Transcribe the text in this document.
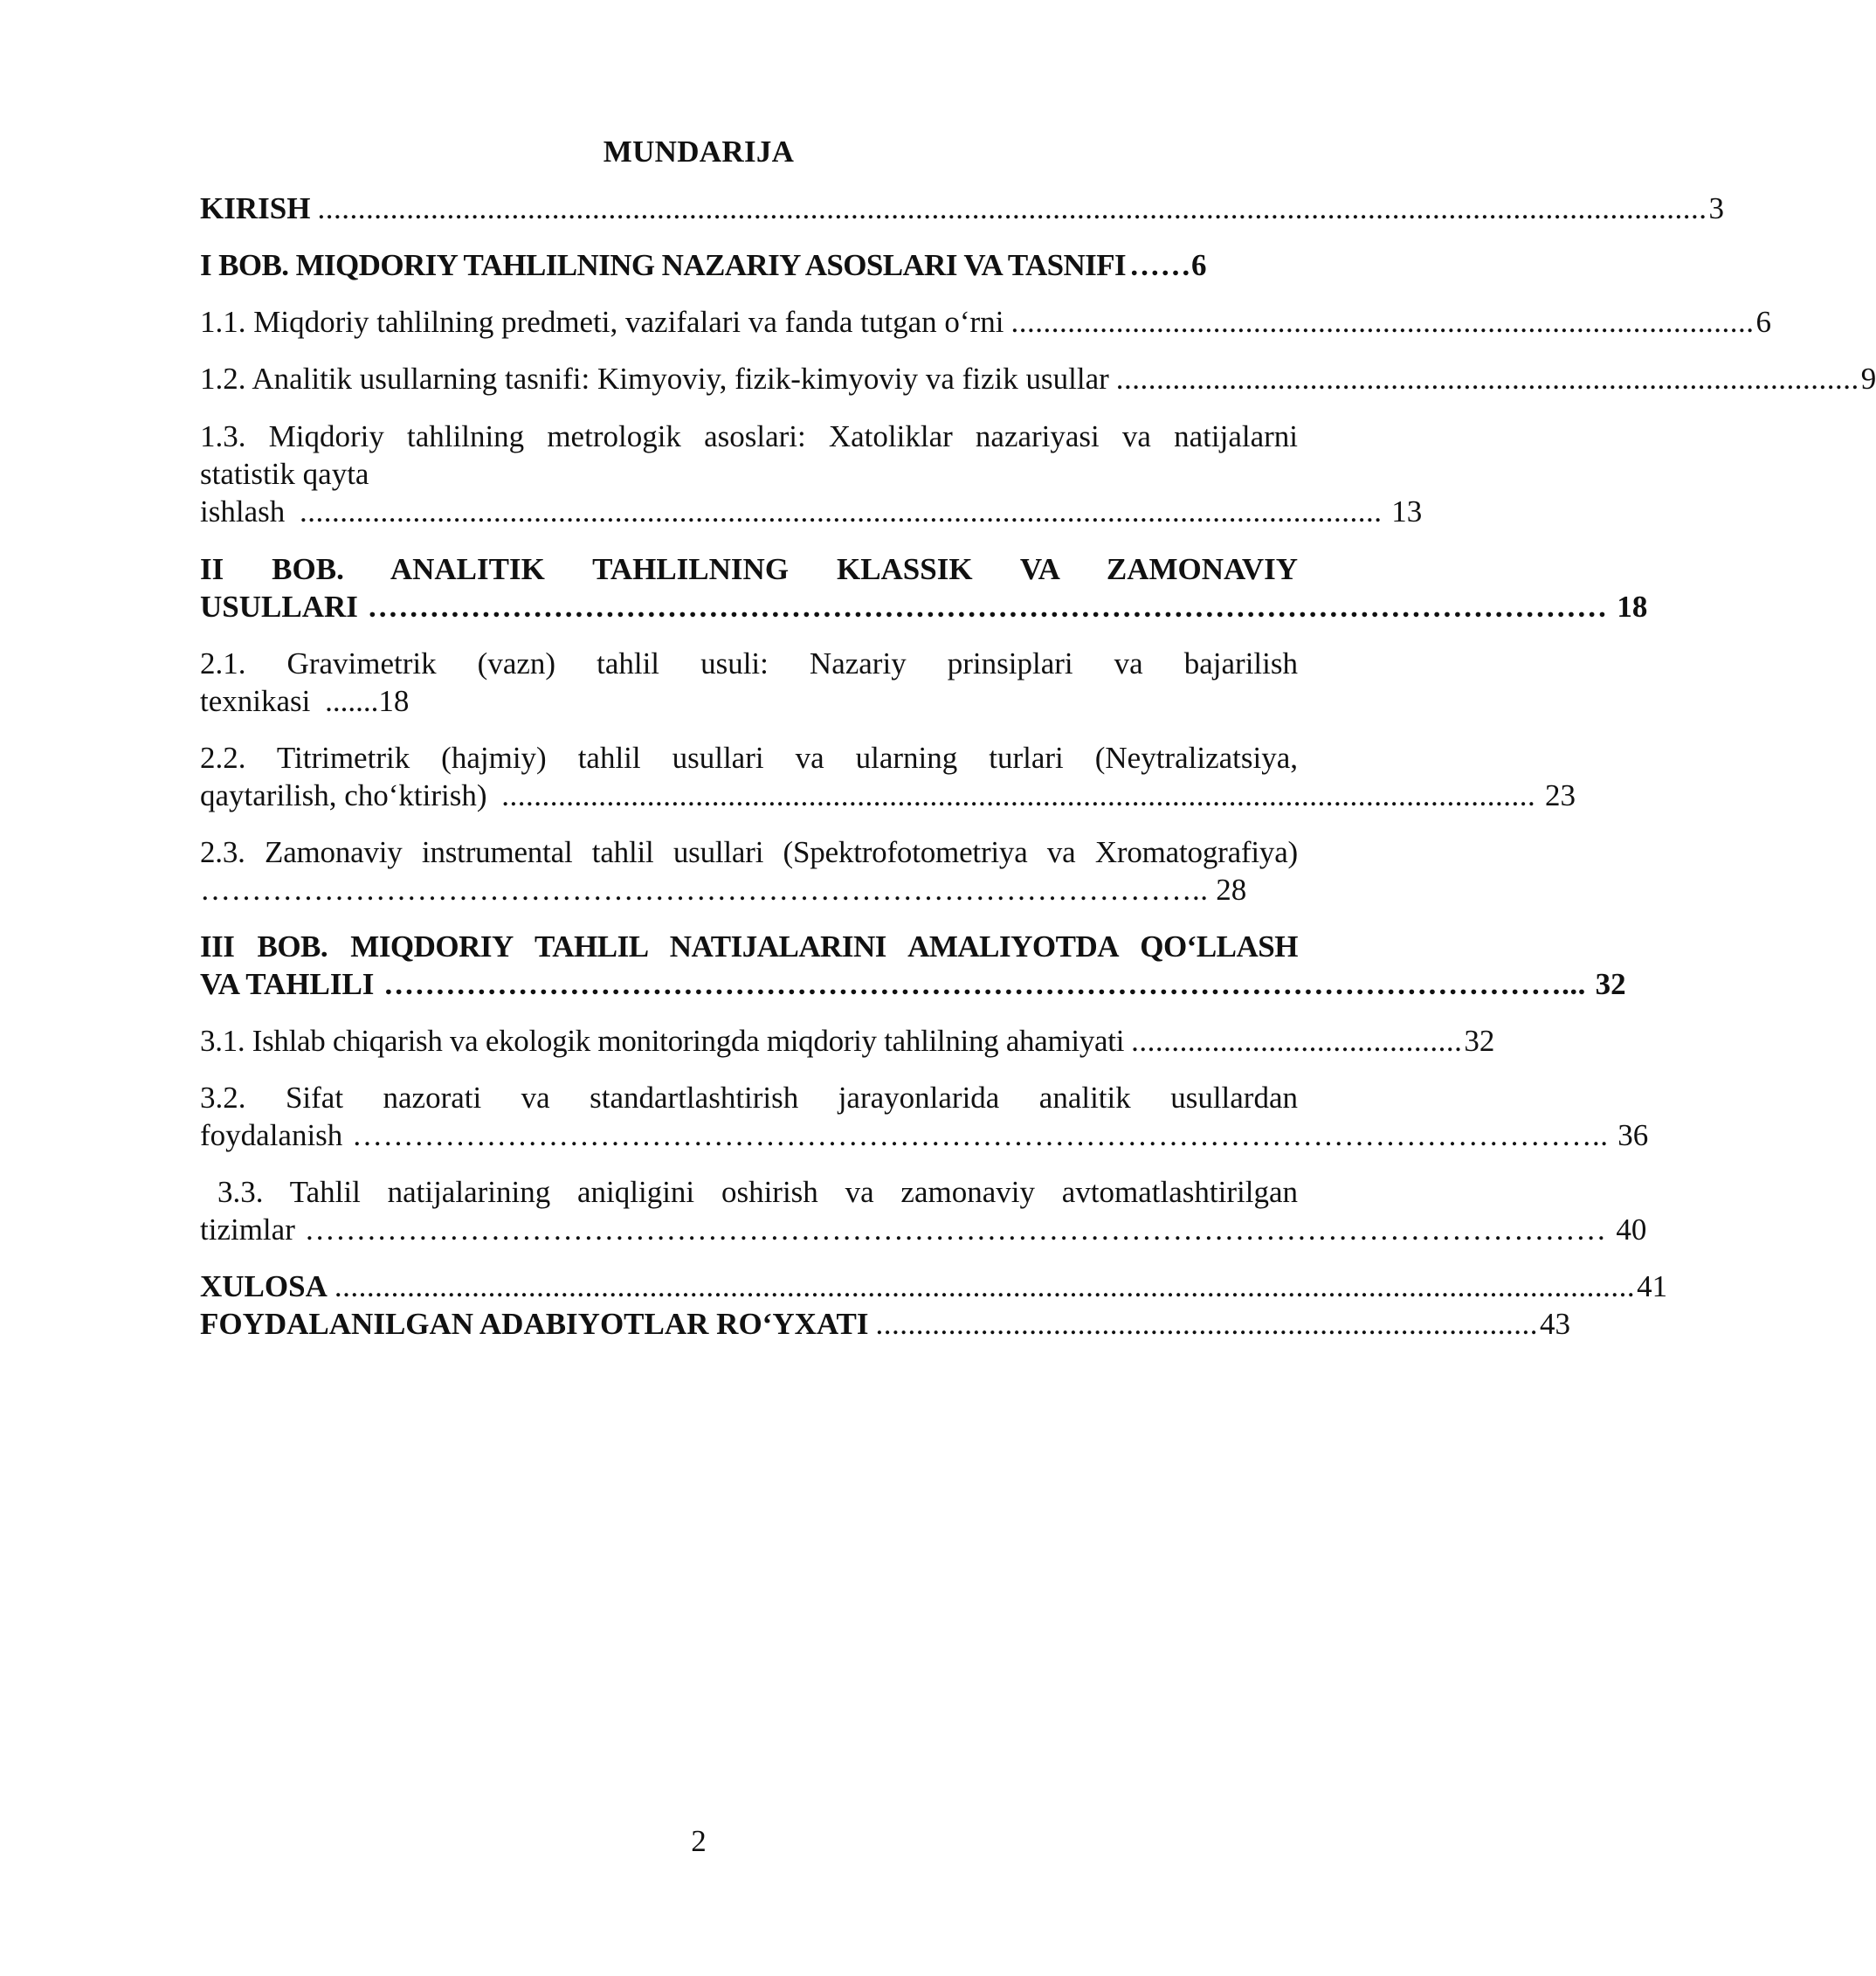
MUNDARIJA
KIRISH ............................................................................................................................................................................ 3
I BOB. MIQDORIY TAHLILNING NAZARIY ASOSLARI VA TASNIFI …… 6
1.1. Miqdoriy tahlilning predmeti, vazifalari va fanda tutgan o‘rni ............................................................................................ 6
1.2. Analitik usullarning tasnifi: Kimyoviy, fizik-kimyoviy va fizik usullar ............................................................................................ 9
1.3. Miqdoriy tahlilning metrologik asoslari: Xatoliklar nazariyasi va natijalarni
statistik qayta
ishlash ...................................................................................................................................... 13
II BOB. ANALITIK TAHLILNING KLASSIK VA ZAMONAVIY
USULLARI ………………………………………………………………………………………………………… 18
2.1. Gravimetrik (vazn) tahlil usuli: Nazariy prinsiplari va bajarilish
texnikasi .......18
2.2. Titrimetrik (hajmiy) tahlil usullari va ularning turlari (Neytralizatsiya,
qaytarilish, cho‘ktirish) ................................................................................................................................ 23
2.3. Zamonaviy instrumental tahlil usullari (Spektrofotometriya va Xromatografiya)
…………………………………………………………………………………….. 28
III BOB. MIQDORIY TAHLIL NATIJALARINI AMALIYOTDA QO‘LLASH
VA TAHLILI ……………………………………………………………………………………………………... 32
3.1. Ishlab chiqarish va ekologik monitoringda miqdoriy tahlilning ahamiyati ......................................... 32
3.2. Sifat nazorati va standartlashtirish jarayonlarida analitik usullardan
foydalanish ………………………………………………………………………………………………………….. 36
3.3. Tahlil natijalarining aniqligini oshirish va zamonaviy avtomatlashtirilgan
tizimlar ……………………………………………………………………………………………………………… 40
XULOSA ................................................................................................................................................................. 41
FOYDALANILGAN ADABIYOTLAR RO‘YXATI .................................................................................. 43
2
